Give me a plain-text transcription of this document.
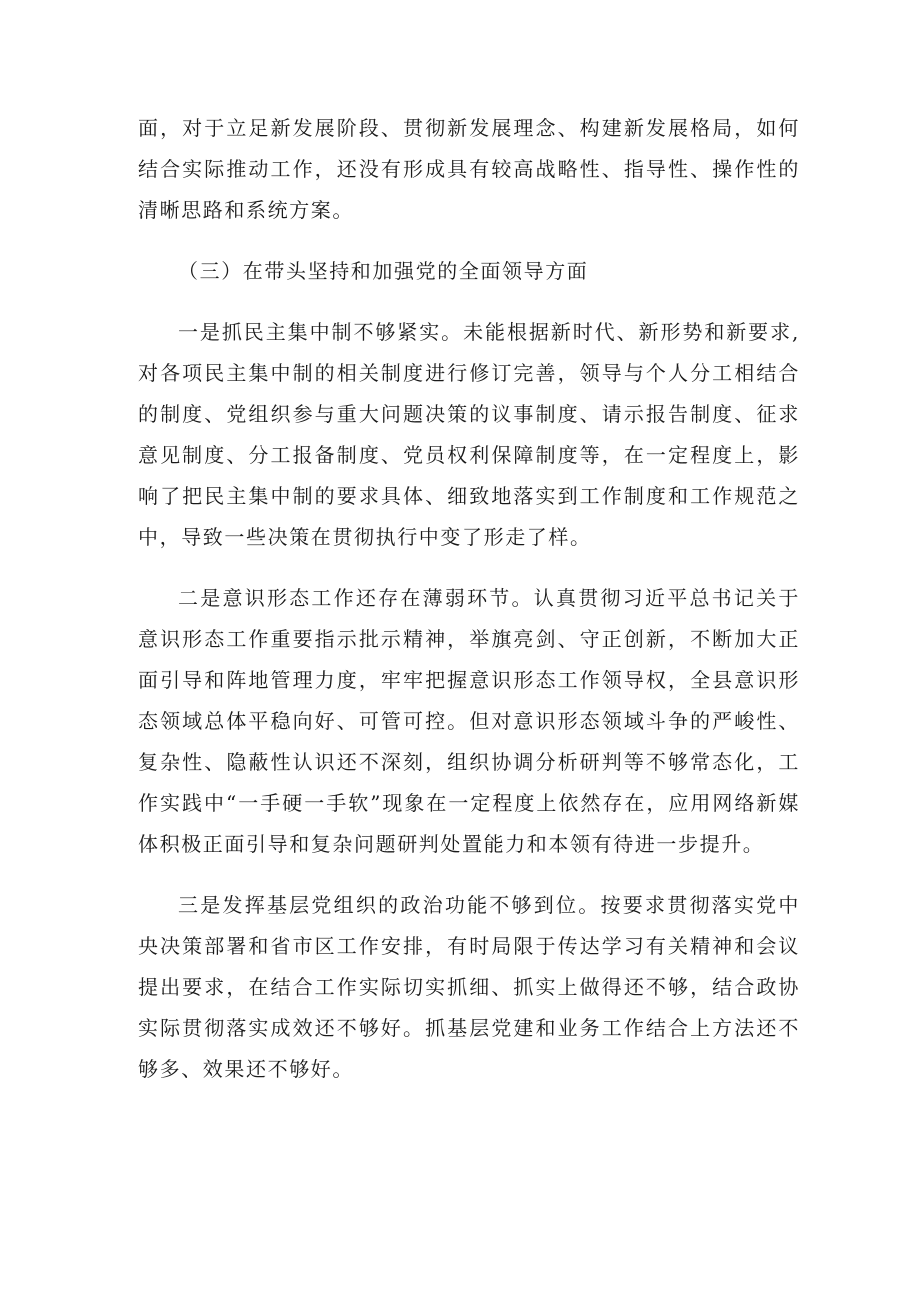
面，对于立足新发展阶段、贯彻新发展理念、构建新发展格局，如何结合实际推动工作，还没有形成具有较高战略性、指导性、操作性的清晰思路和系统方案。

（三）在带头坚持和加强党的全面领导方面

一是抓民主集中制不够紧实。未能根据新时代、新形势和新要求,对各项民主集中制的相关制度进行修订完善，领导与个人分工相结合的制度、党组织参与重大问题决策的议事制度、请示报告制度、征求意见制度、分工报备制度、党员权利保障制度等，在一定程度上，影响了把民主集中制的要求具体、细致地落实到工作制度和工作规范之中，导致一些决策在贯彻执行中变了形走了样。

二是意识形态工作还存在薄弱环节。认真贯彻习近平总书记关于意识形态工作重要指示批示精神，举旗亮剑、守正创新，不断加大正面引导和阵地管理力度，牢牢把握意识形态工作领导权，全县意识形态领域总体平稳向好、可管可控。但对意识形态领域斗争的严峻性、复杂性、隐蔽性认识还不深刻，组织协调分析研判等不够常态化，工作实践中“一手硬一手软”现象在一定程度上依然存在，应用网络新媒体积极正面引导和复杂问题研判处置能力和本领有待进一步提升。

三是发挥基层党组织的政治功能不够到位。按要求贯彻落实党中央决策部署和省市区工作安排，有时局限于传达学习有关精神和会议提出要求，在结合工作实际切实抓细、抓实上做得还不够，结合政协实际贯彻落实成效还不够好。抓基层党建和业务工作结合上方法还不够多、效果还不够好。
